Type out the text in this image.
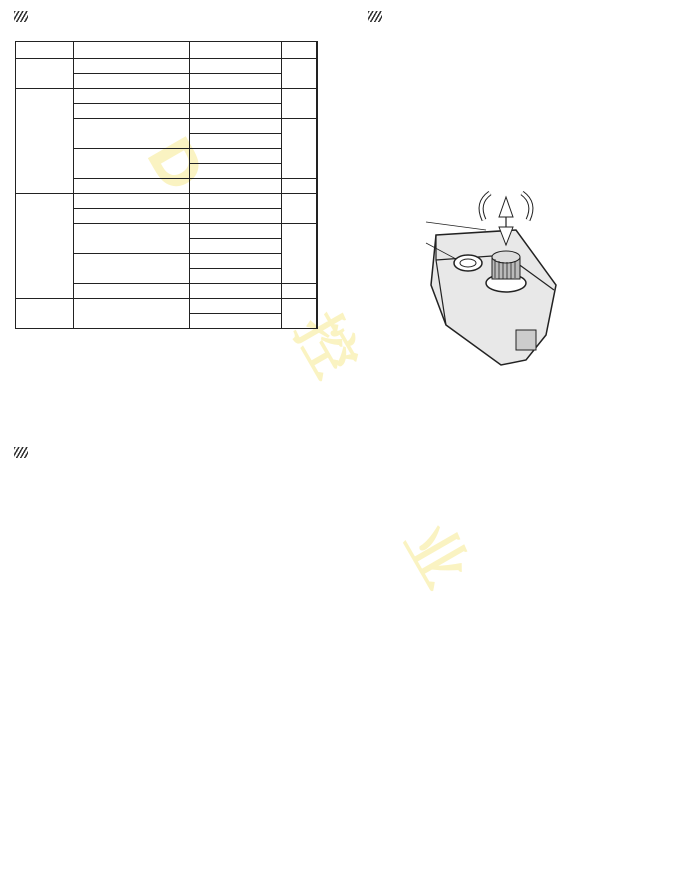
D
控
业
